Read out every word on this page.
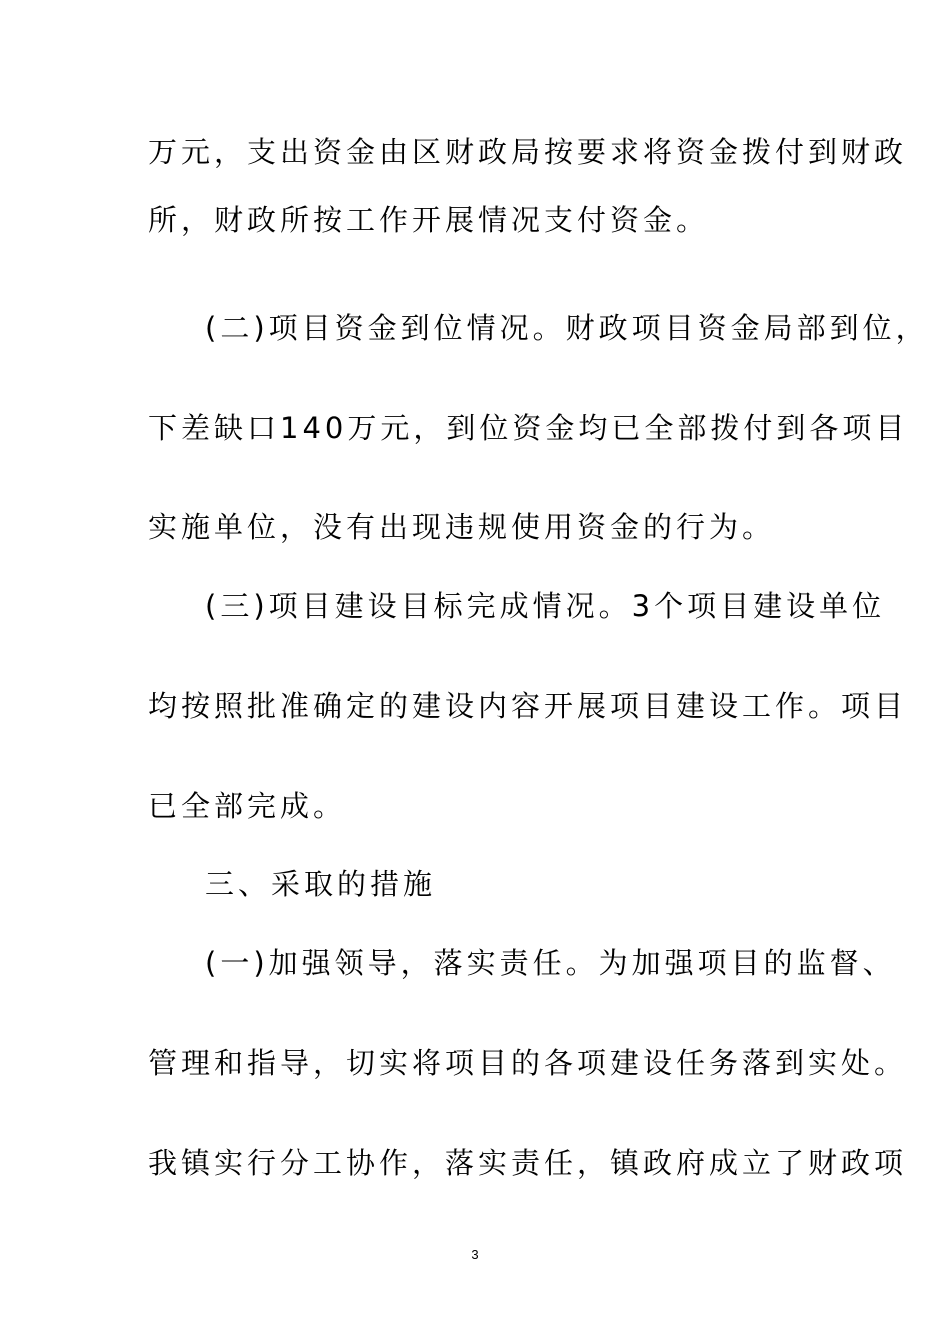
万元，支出资金由区财政局按要求将资金拨付到财政
所，财政所按工作开展情况支付资金。
(二)项目资金到位情况。财政项目资金局部到位，
下差缺口140万元，到位资金均已全部拨付到各项目
实施单位，没有出现违规使用资金的行为。
(三)项目建设目标完成情况。3个项目建设单位
均按照批准确定的建设内容开展项目建设工作。项目
已全部完成。
三、采取的措施
(一)加强领导，落实责任。为加强项目的监督、
管理和指导，切实将项目的各项建设任务落到实处。
我镇实行分工协作，落实责任，镇政府成立了财政项
3
